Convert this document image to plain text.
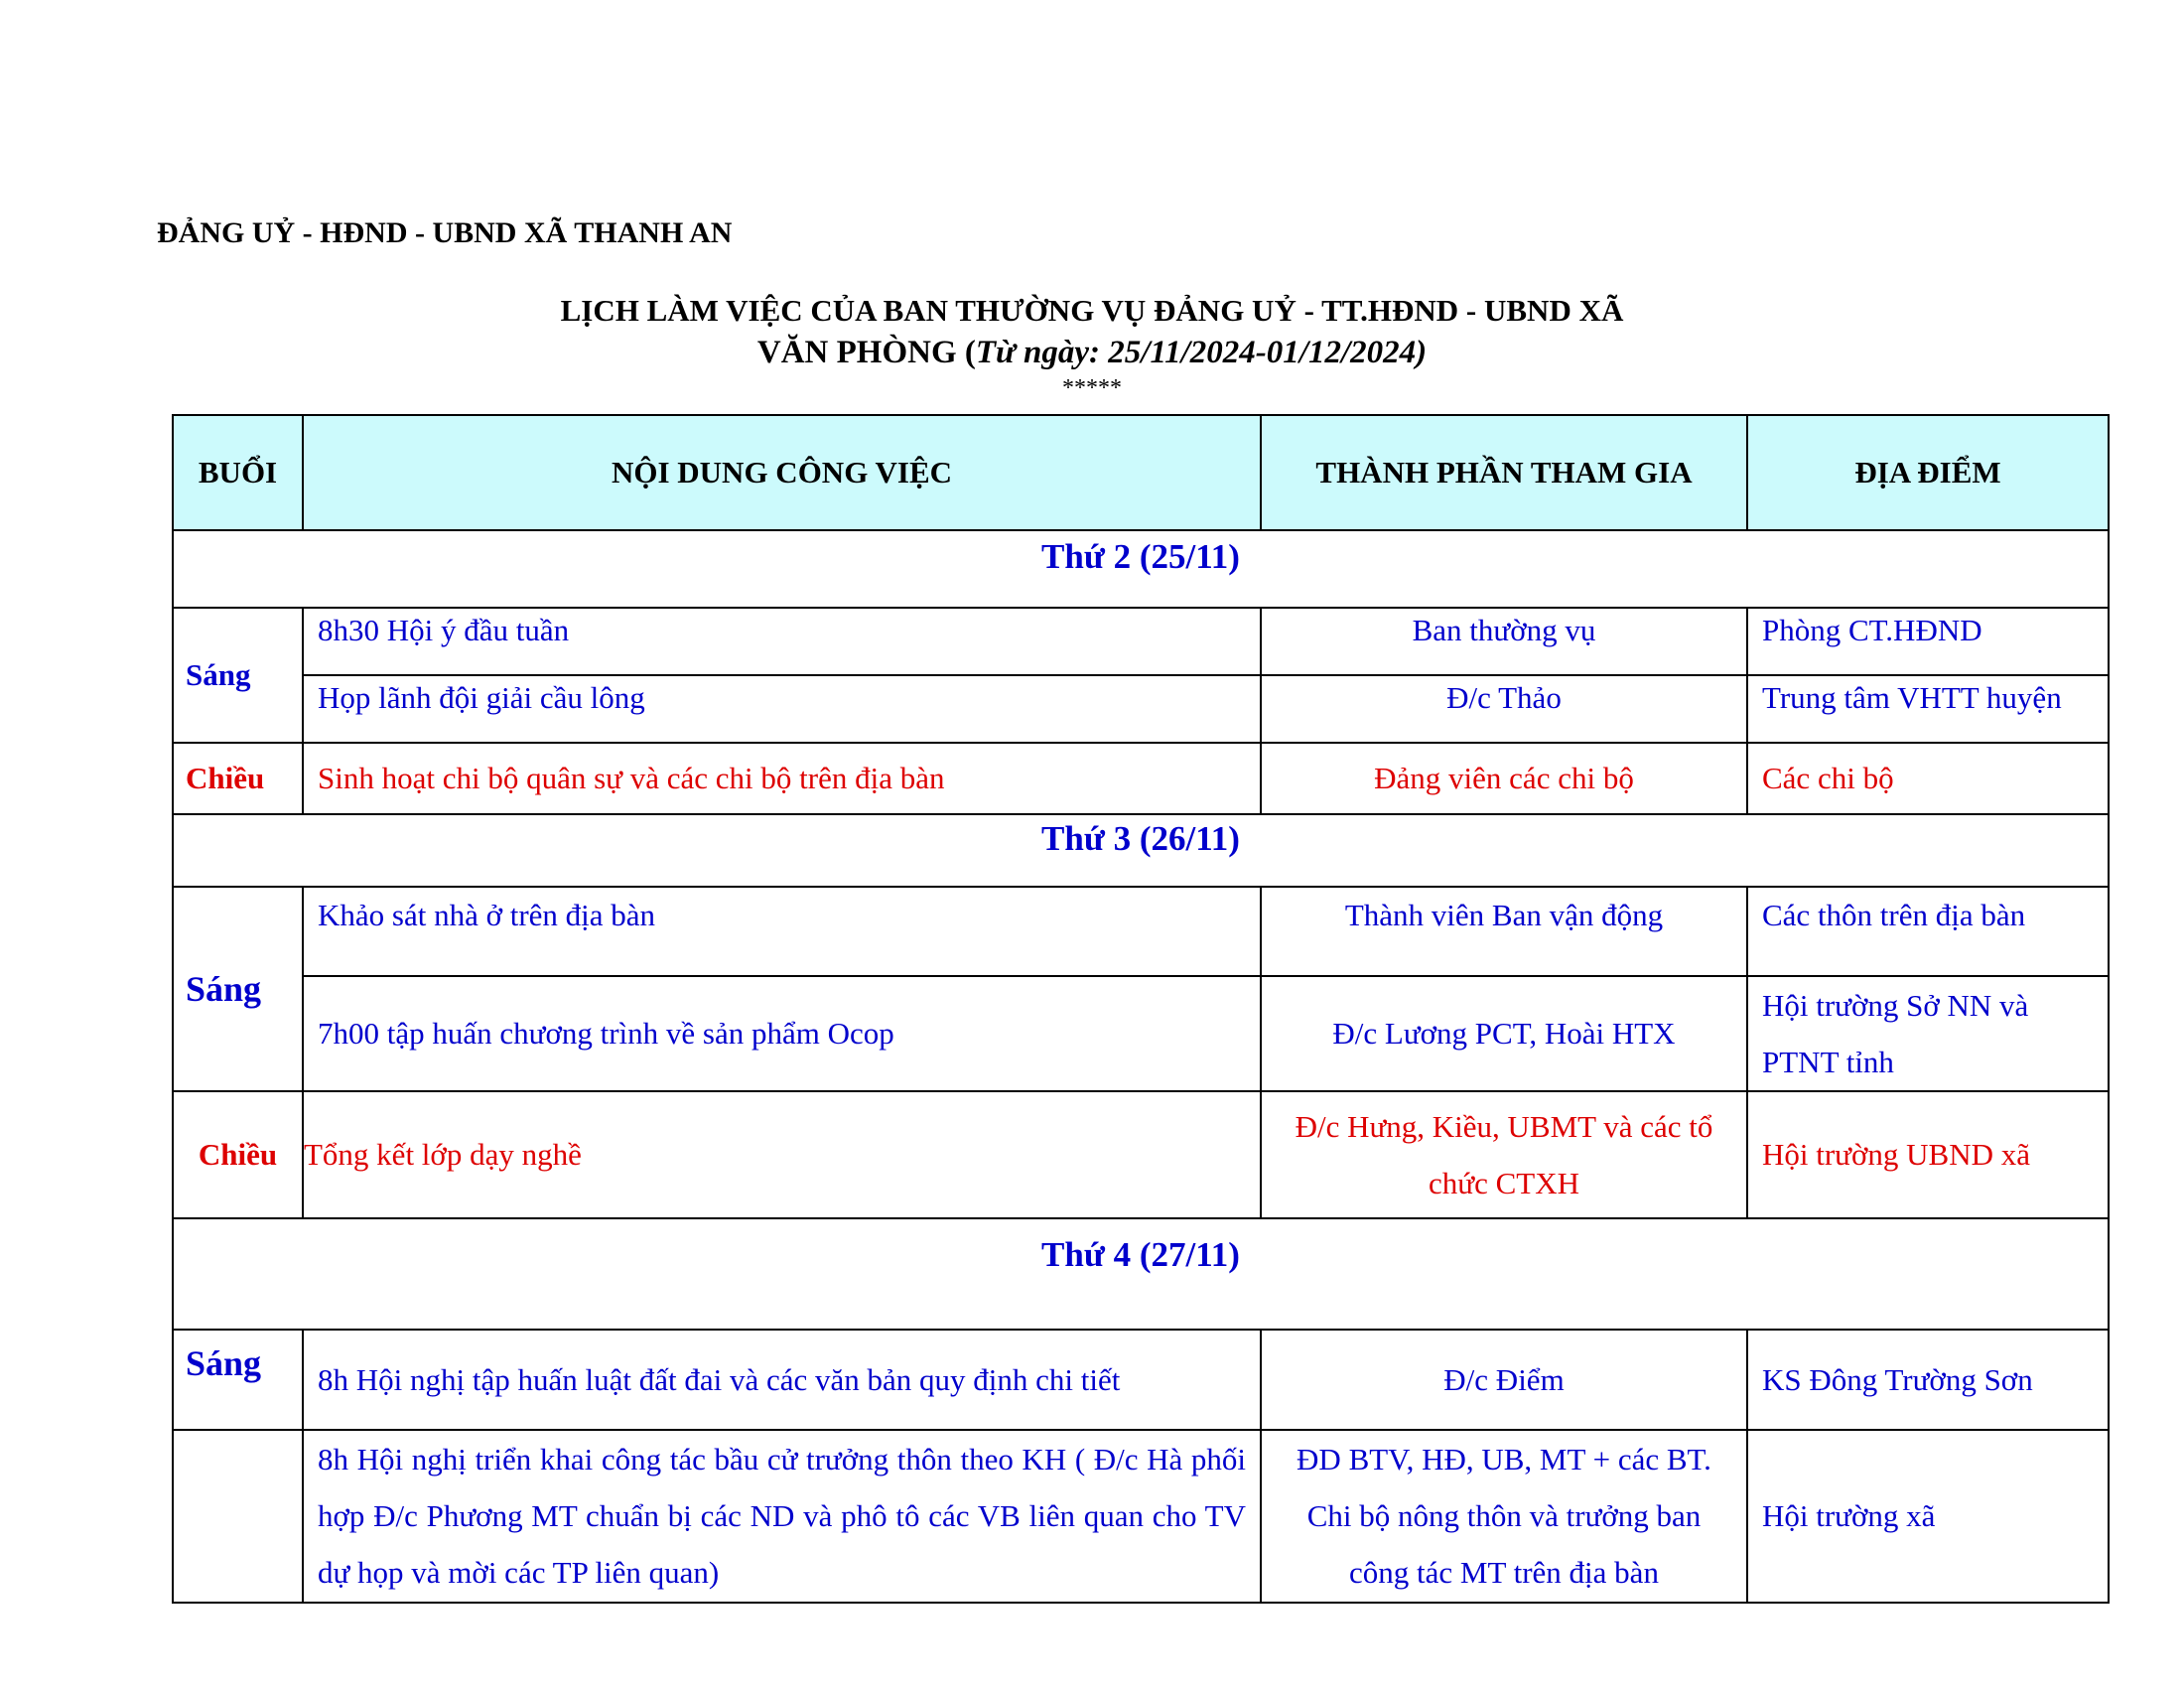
ĐẢNG UỶ - HĐND - UBND XÃ THANH AN
LỊCH LÀM VIỆC CỦA BAN THƯỜNG VỤ ĐẢNG UỶ - TT.HĐND - UBND XÃ
VĂN PHÒNG (Từ ngày: 25/11/2024-01/12/2024)
*****
BUỔI	NỘI DUNG CÔNG VIỆC	THÀNH PHẦN THAM GIA	ĐỊA ĐIỂM
Thứ 2 (25/11)			
Sáng	8h30 Hội ý đầu tuần	Ban thường vụ	Phòng CT.HĐND
	Họp lãnh đội giải cầu lông	Đ/c Thảo	Trung tâm VHTT huyện
Chiều	Sinh hoạt chi bộ quân sự và các chi bộ trên địa bàn	Đảng viên các chi bộ	Các chi bộ
Thứ 3 (26/11)			
Sáng	Khảo sát nhà ở trên địa bàn	Thành viên Ban vận động	Các thôn trên địa bàn
	7h00 tập huấn chương trình về sản phẩm Ocop	Đ/c Lương PCT, Hoài HTX	Hội trường Sở NN và PTNT tỉnh
Chiều	Tổng kết lớp dạy nghề	Đ/c Hưng, Kiều, UBMT và các tổ chức CTXH	Hội trường UBND xã
Thứ 4 (27/11)			
Sáng	8h Hội nghị tập huấn luật đất đai và các văn bản quy định chi tiết	Đ/c Điểm	KS Đông Trường Sơn
	8h Hội nghị triển khai công tác bầu cử trưởng thôn theo KH ( Đ/c Hà phối hợp Đ/c Phương MT chuẩn bị các ND và phô tô các VB liên quan cho TV dự họp và mời các TP liên quan)	ĐD BTV, HĐ, UB, MT + các BT. Chi bộ nông thôn và trưởng ban công tác MT trên địa bàn	Hội trường xã
